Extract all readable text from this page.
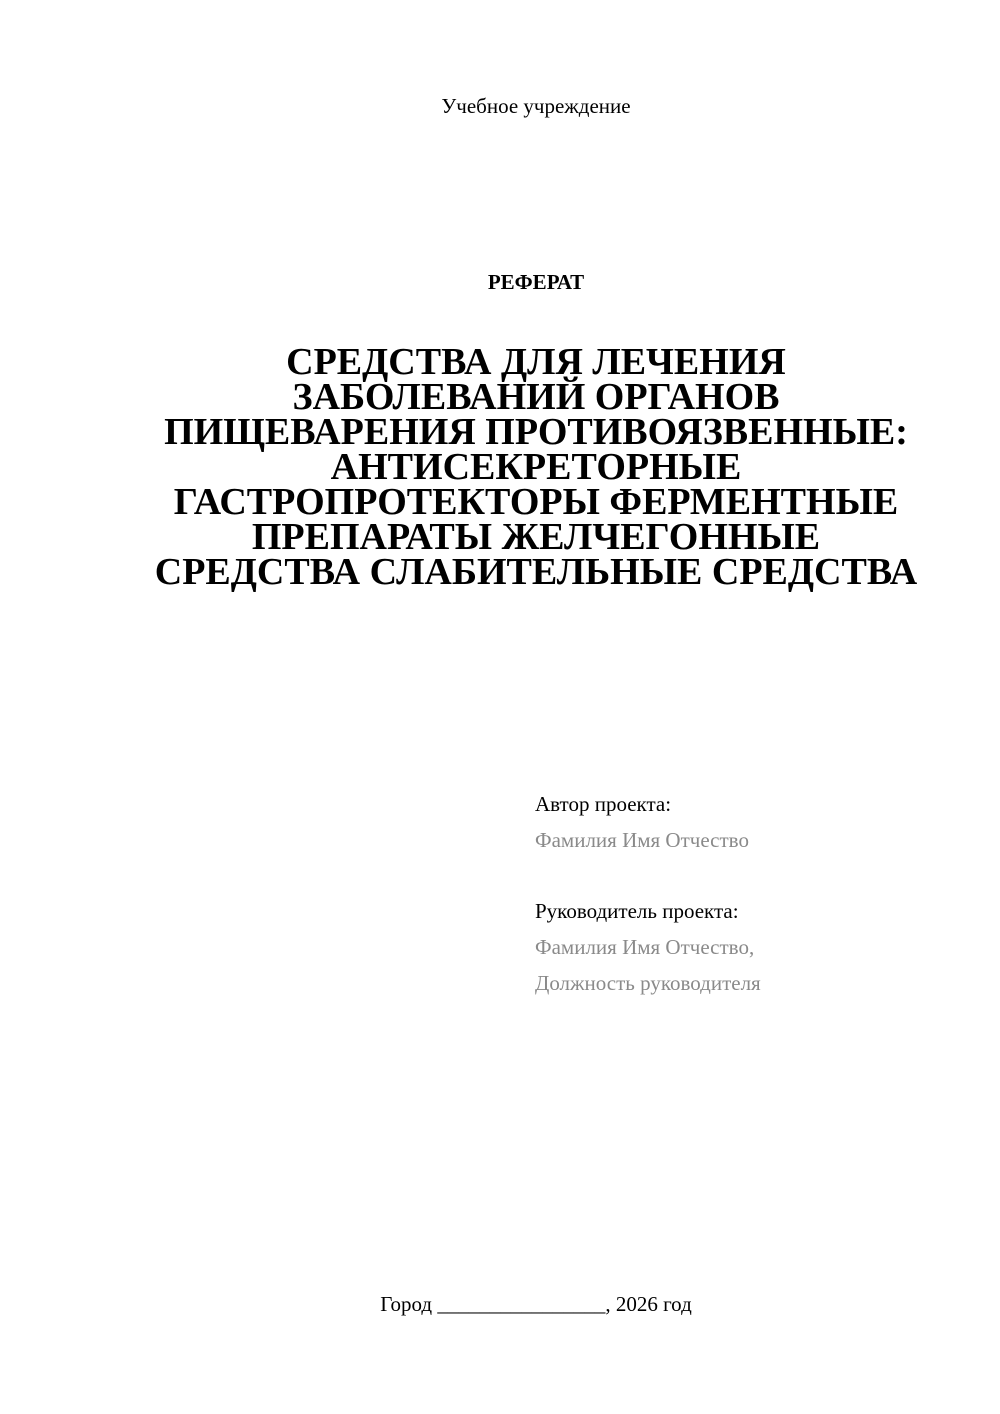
Учебное учреждение
РЕФЕРАТ
СРЕДСТВА ДЛЯ ЛЕЧЕНИЯ
ЗАБОЛЕВАНИЙ ОРГАНОВ
ПИЩЕВАРЕНИЯ ПРОТИВОЯЗВЕННЫЕ:
АНТИСЕКРЕТОРНЫЕ
ГАСТРОПРОТЕКТОРЫ ФЕРМЕНТНЫЕ
ПРЕПАРАТЫ ЖЕЛЧЕГОННЫЕ
СРЕДСТВА СЛАБИТЕЛЬНЫЕ СРЕДСТВА
Автор проекта:
Фамилия Имя Отчество
Руководитель проекта:
Фамилия Имя Отчество,
Должность руководителя
Город ________________, 2026 год
